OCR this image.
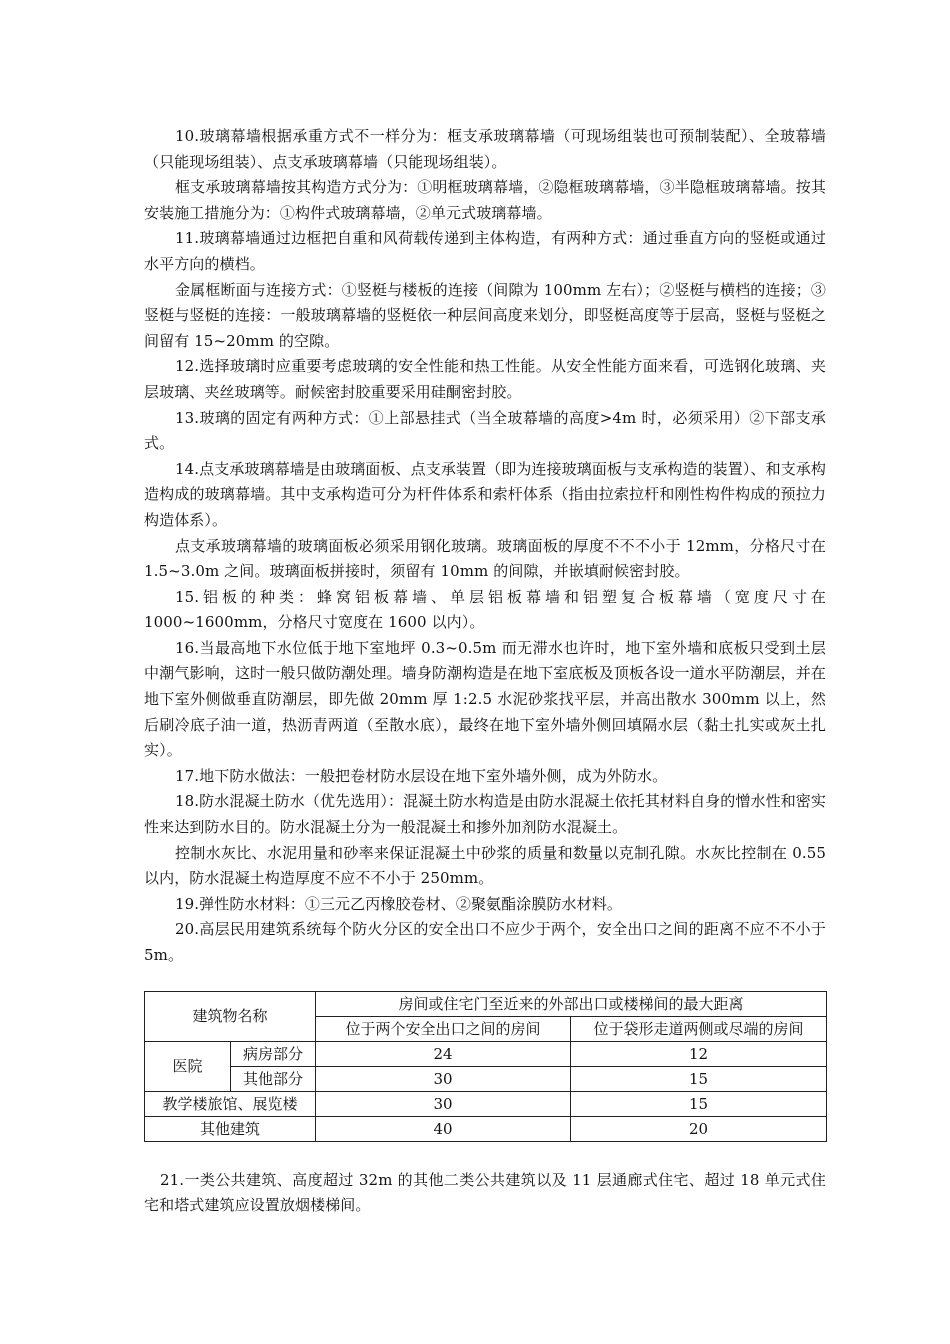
10.玻璃幕墙根据承重方式不一样分为：框支承玻璃幕墙（可现场组装也可预制装配）、全玻幕墙（只能现场组装）、点支承玻璃幕墙（只能现场组装）。

框支承玻璃幕墙按其构造方式分为：①明框玻璃幕墙，②隐框玻璃幕墙，③半隐框玻璃幕墙。按其安装施工措施分为：①构件式玻璃幕墙，②单元式玻璃幕墙。

11.玻璃幕墙通过边框把自重和风荷载传递到主体构造，有两种方式：通过垂直方向的竖梃或通过水平方向的横档。

金属框断面与连接方式：①竖梃与楼板的连接（间隙为 100mm 左右）；②竖梃与横档的连接；③竖梃与竖梃的连接：一般玻璃幕墙的竖梃依一种层间高度来划分，即竖梃高度等于层高，竖梃与竖梃之间留有 15~20mm 的空隙。

12.选择玻璃时应重要考虑玻璃的安全性能和热工性能。从安全性能方面来看，可选钢化玻璃、夹层玻璃、夹丝玻璃等。耐候密封胶重要采用硅酮密封胶。

13.玻璃的固定有两种方式：①上部悬挂式（当全玻幕墙的高度>4m 时，必须采用）②下部支承式。

14.点支承玻璃幕墙是由玻璃面板、点支承装置（即为连接玻璃面板与支承构造的装置）、和支承构造构成的玻璃幕墙。其中支承构造可分为杆件体系和索杆体系（指由拉索拉杆和刚性构件构成的预拉力构造体系）。

点支承玻璃幕墙的玻璃面板必须采用钢化玻璃。玻璃面板的厚度不不不小于 12mm，分格尺寸在 1.5~3.0m 之间。玻璃面板拼接时，须留有 10mm 的间隙，并嵌填耐候密封胶。

15.铝板的种类：蜂窝铝板幕墙、单层铝板幕墙和铝塑复合板幕墙（宽度尺寸在 1000~1600mm，分格尺寸宽度在 1600 以内）。

16.当最高地下水位低于地下室地坪 0.3~0.5m 而无滞水也许时，地下室外墙和底板只受到土层中潮气影响，这时一般只做防潮处理。墙身防潮构造是在地下室底板及顶板各设一道水平防潮层，并在地下室外侧做垂直防潮层，即先做 20mm 厚 1:2.5 水泥砂浆找平层，并高出散水 300mm 以上，然后刷冷底子油一道，热沥青两道（至散水底），最终在地下室外墙外侧回填隔水层（黏土扎实或灰土扎实）。

17.地下防水做法：一般把卷材防水层设在地下室外墙外侧，成为外防水。

18.防水混凝土防水（优先选用）：混凝土防水构造是由防水混凝土依托其材料自身的憎水性和密实性来达到防水目的。防水混凝土分为一般混凝土和掺外加剂防水混凝土。

控制水灰比、水泥用量和砂率来保证混凝土中砂浆的质量和数量以克制孔隙。水灰比控制在 0.55 以内，防水混凝土构造厚度不应不不小于 250mm。

19.弹性防水材料：①三元乙丙橡胶卷材、②聚氨酯涂膜防水材料。

20.高层民用建筑系统每个防火分区的安全出口不应少于两个，安全出口之间的距离不应不不小于 5m。

建筑物名称		房间或住宅门至近来的外部出口或楼梯间的最大距离	
		位于两个安全出口之间的房间	位于袋形走道两侧或尽端的房间
医院	病房部分	24	12
	其他部分	30	15
教学楼旅馆、展览楼		30	15
其他建筑		40	20

21.一类公共建筑、高度超过 32m 的其他二类公共建筑以及 11 层通廊式住宅、超过 18 单元式住宅和塔式建筑应设置放烟楼梯间。
